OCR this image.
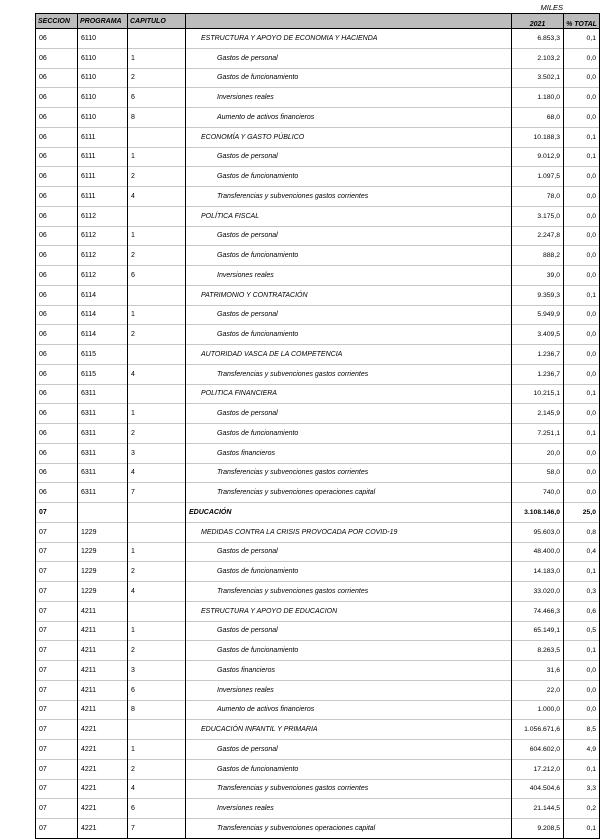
MILES
SECCION	PROGRAMA	CAPITULO		2021	% TOTAL
06	6110		ESTRUCTURA Y APOYO DE ECONOMIA Y HACIENDA	6.853,3	0,1
06	6110	1	Gastos de personal	2.103,2	0,0
06	6110	2	Gastos de funcionamiento	3.502,1	0,0
06	6110	6	Inversiones reales	1.180,0	0,0
06	6110	8	Aumento de activos financieros	68,0	0,0
06	6111		ECONOMÍA Y GASTO PÚBLICO	10.188,3	0,1
06	6111	1	Gastos de personal	9.012,9	0,1
06	6111	2	Gastos de funcionamiento	1.097,5	0,0
06	6111	4	Transferencias y subvenciones gastos corrientes	78,0	0,0
06	6112		POLÍTICA FISCAL	3.175,0	0,0
06	6112	1	Gastos de personal	2.247,8	0,0
06	6112	2	Gastos de funcionamiento	888,2	0,0
06	6112	6	Inversiones reales	39,0	0,0
06	6114		PATRIMONIO Y CONTRATACIÓN	9.359,3	0,1
06	6114	1	Gastos de personal	5.949,9	0,0
06	6114	2	Gastos de funcionamiento	3.409,5	0,0
06	6115		AUTORIDAD VASCA DE LA COMPETENCIA	1.236,7	0,0
06	6115	4	Transferencias y subvenciones gastos corrientes	1.236,7	0,0
06	6311		POLITICA FINANCIERA	10.215,1	0,1
06	6311	1	Gastos de personal	2.145,9	0,0
06	6311	2	Gastos de funcionamiento	7.251,1	0,1
06	6311	3	Gastos financieros	20,0	0,0
06	6311	4	Transferencias y subvenciones gastos corrientes	58,0	0,0
06	6311	7	Transferencias y subvenciones operaciones capital	740,0	0,0
07			EDUCACIÓN	3.108.146,0	25,0
07	1229		MEDIDAS CONTRA LA CRISIS PROVOCADA POR COVID-19	95.603,0	0,8
07	1229	1	Gastos de personal	48.400,0	0,4
07	1229	2	Gastos de funcionamiento	14.183,0	0,1
07	1229	4	Transferencias y subvenciones gastos corrientes	33.020,0	0,3
07	4211		ESTRUCTURA Y APOYO DE EDUCACION	74.466,3	0,6
07	4211	1	Gastos de personal	65.149,1	0,5
07	4211	2	Gastos de funcionamiento	8.263,5	0,1
07	4211	3	Gastos financieros	31,6	0,0
07	4211	6	Inversiones reales	22,0	0,0
07	4211	8	Aumento de activos financieros	1.000,0	0,0
07	4221		EDUCACIÓN INFANTIL Y PRIMARIA	1.056.671,6	8,5
07	4221	1	Gastos de personal	604.602,0	4,9
07	4221	2	Gastos de funcionamiento	17.212,0	0,1
07	4221	4	Transferencias y subvenciones gastos corrientes	404.504,6	3,3
07	4221	6	Inversiones reales	21.144,5	0,2
07	4221	7	Transferencias y subvenciones operaciones capital	9.208,5	0,1
